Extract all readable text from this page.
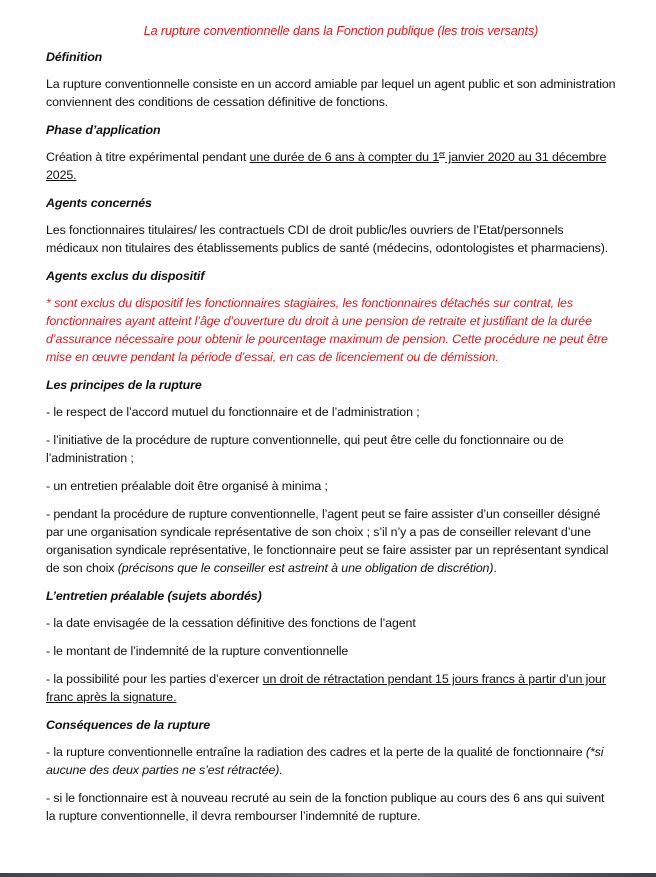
La rupture conventionnelle dans la Fonction publique (les trois versants)
Définition
La rupture conventionnelle consiste en un accord amiable par lequel un agent public et son administration conviennent des conditions de cessation définitive de fonctions.
Phase d’application
Création à titre expérimental pendant une durée de 6 ans à compter du 1er janvier 2020 au 31 décembre 2025.
Agents concernés
Les fonctionnaires titulaires/ les contractuels CDI de droit public/les ouvriers de l’Etat/personnels médicaux non titulaires des établissements publics de santé (médecins, odontologistes et pharmaciens).
Agents exclus du dispositif
* sont exclus du dispositif les fonctionnaires stagiaires, les fonctionnaires détachés sur contrat, les fonctionnaires ayant atteint l’âge d’ouverture du droit à une pension de retraite et justifiant de la durée d’assurance nécessaire pour obtenir le pourcentage maximum de pension. Cette procédure ne peut être mise en œuvre pendant la période d’essai, en cas de licenciement ou de démission.
Les principes de la rupture
- le respect de l’accord mutuel du fonctionnaire et de l’administration ;
- l’initiative de la procédure de rupture conventionnelle, qui peut être celle du fonctionnaire ou de l’administration ;
- un entretien préalable doit être organisé à minima ;
- pendant la procédure de rupture conventionnelle, l’agent peut se faire assister d’un conseiller désigné par une organisation syndicale représentative de son choix ; s’il n’y a pas de conseiller relevant d’une organisation syndicale représentative, le fonctionnaire peut se faire assister par un représentant syndical de son choix (précisons que le conseiller est astreint à une obligation de discrétion).
L’entretien préalable (sujets abordés)
- la date envisagée de la cessation définitive des fonctions de l’agent
- le montant de l’indemnité de la rupture conventionnelle
- la possibilité pour les parties d’exercer un droit de rétractation pendant 15 jours francs à partir d’un jour franc après la signature.
Conséquences de la rupture
- la rupture conventionnelle entraîne la radiation des cadres et la perte de la qualité de fonctionnaire (*si aucune des deux parties ne s’est rétractée).
- si le fonctionnaire est à nouveau recruté au sein de la fonction publique au cours des 6 ans qui suivent la rupture conventionnelle, il devra rembourser l’indemnité de rupture.
